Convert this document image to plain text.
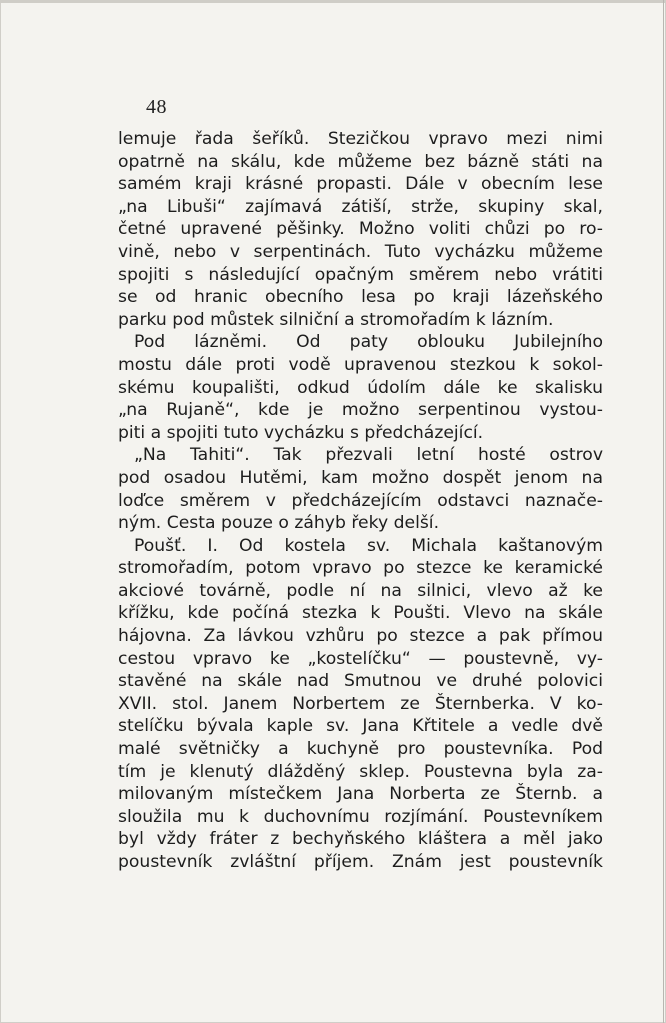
48
lemuje řada šeříků. Stezičkou vpravo mezi nimi
opatrně na skálu, kde můžeme bez bázně státi na
samém kraji krásné propasti. Dále v obecním lese
„na Libuši“ zajímavá zátiší, strže, skupiny skal,
četné upravené pěšinky. Možno voliti chůzi po ro-
vině, nebo v serpentinách. Tuto vycházku můžeme
spojiti s následující opačným směrem nebo vrátiti
se od hranic obecního lesa po kraji lázeňského
parku pod můstek silniční a stromořadím k lázním.
Pod lázněmi. Od paty oblouku Jubilejního
mostu dále proti vodě upravenou stezkou k sokol-
skému koupališti, odkud údolím dále ke skalisku
„na Rujaně“, kde je možno serpentinou vystou-
piti a spojiti tuto vycházku s předcházející.
„Na Tahiti“. Tak přezvali letní hosté ostrov
pod osadou Hutěmi, kam možno dospět jenom na
loďce směrem v předcházejícím odstavci naznače-
ným. Cesta pouze o záhyb řeky delší.
Poušť. I. Od kostela sv. Michala kaštanovým
stromořadím, potom vpravo po stezce ke keramické
akciové továrně, podle ní na silnici, vlevo až ke
křížku, kde počíná stezka k Poušti. Vlevo na skále
hájovna. Za lávkou vzhůru po stezce a pak přímou
cestou vpravo ke „kostelíčku“ — poustevně, vy-
stavěné na skále nad Smutnou ve druhé polovici
XVII. stol. Janem Norbertem ze Šternberka. V ko-
stelíčku bývala kaple sv. Jana Křtitele a vedle dvě
malé světničky a kuchyně pro poustevníka. Pod
tím je klenutý dlážděný sklep. Poustevna byla za-
milovaným místečkem Jana Norberta ze Šternb. a
sloužila mu k duchovnímu rozjímání. Poustevníkem
byl vždy fráter z bechyňského kláštera a měl jako
poustevník zvláštní příjem. Znám jest poustevník
